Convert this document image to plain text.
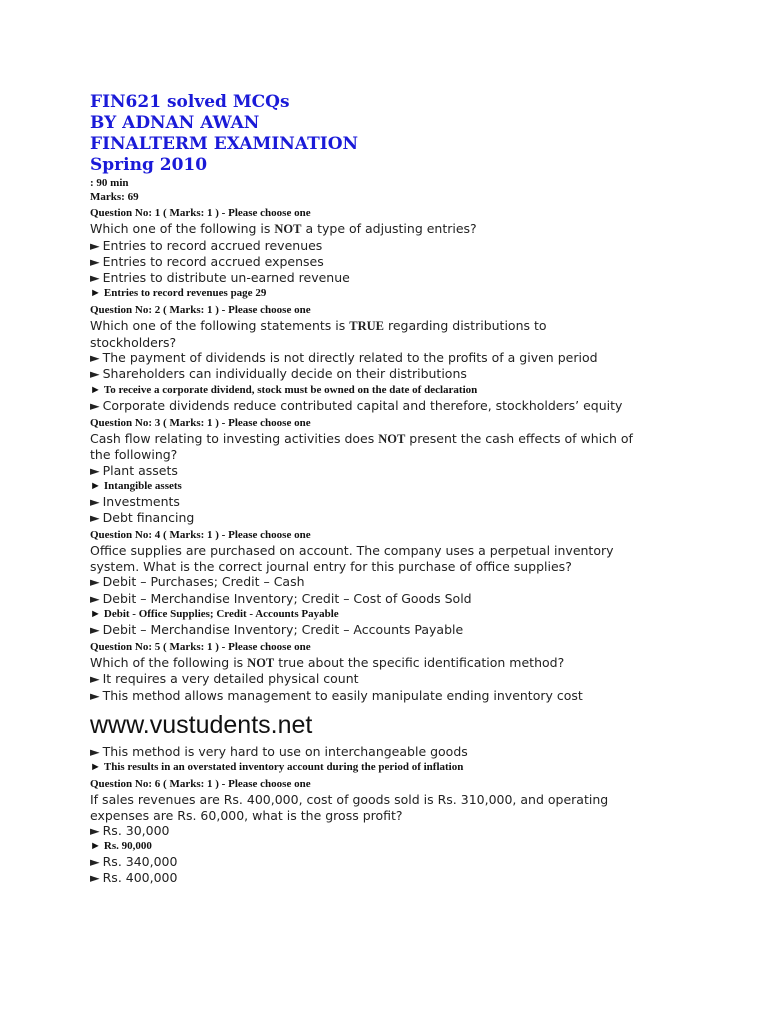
FIN621 solved MCQs
BY ADNAN AWAN
FINALTERM EXAMINATION
Spring 2010
: 90 min
Marks: 69
Question No: 1 ( Marks: 1 ) - Please choose one
Which one of the following is NOT a type of adjusting entries?
► Entries to record accrued revenues
► Entries to record accrued expenses
► Entries to distribute un-earned revenue
► Entries to record revenues page 29
Question No: 2 ( Marks: 1 ) - Please choose one
Which one of the following statements is TRUE regarding distributions to stockholders?
► The payment of dividends is not directly related to the profits of a given period
► Shareholders can individually decide on their distributions
► To receive a corporate dividend, stock must be owned on the date of declaration
► Corporate dividends reduce contributed capital and therefore, stockholders’ equity
Question No: 3 ( Marks: 1 ) - Please choose one
Cash flow relating to investing activities does NOT present the cash effects of which of the following?
► Plant assets
► Intangible assets
► Investments
► Debt financing
Question No: 4 ( Marks: 1 ) - Please choose one
Office supplies are purchased on account. The company uses a perpetual inventory system. What is the correct journal entry for this purchase of office supplies?
► Debit – Purchases; Credit – Cash
► Debit – Merchandise Inventory; Credit – Cost of Goods Sold
► Debit - Office Supplies; Credit - Accounts Payable
► Debit – Merchandise Inventory; Credit – Accounts Payable
Question No: 5 ( Marks: 1 ) - Please choose one
Which of the following is NOT true about the specific identification method?
► It requires a very detailed physical count
► This method allows management to easily manipulate ending inventory cost
www.vustudents.net
► This method is very hard to use on interchangeable goods
► This results in an overstated inventory account during the period of inflation
Question No: 6 ( Marks: 1 ) - Please choose one
If sales revenues are Rs. 400,000, cost of goods sold is Rs. 310,000, and operating expenses are Rs. 60,000, what is the gross profit?
► Rs. 30,000
► Rs. 90,000
► Rs. 340,000
► Rs. 400,000
